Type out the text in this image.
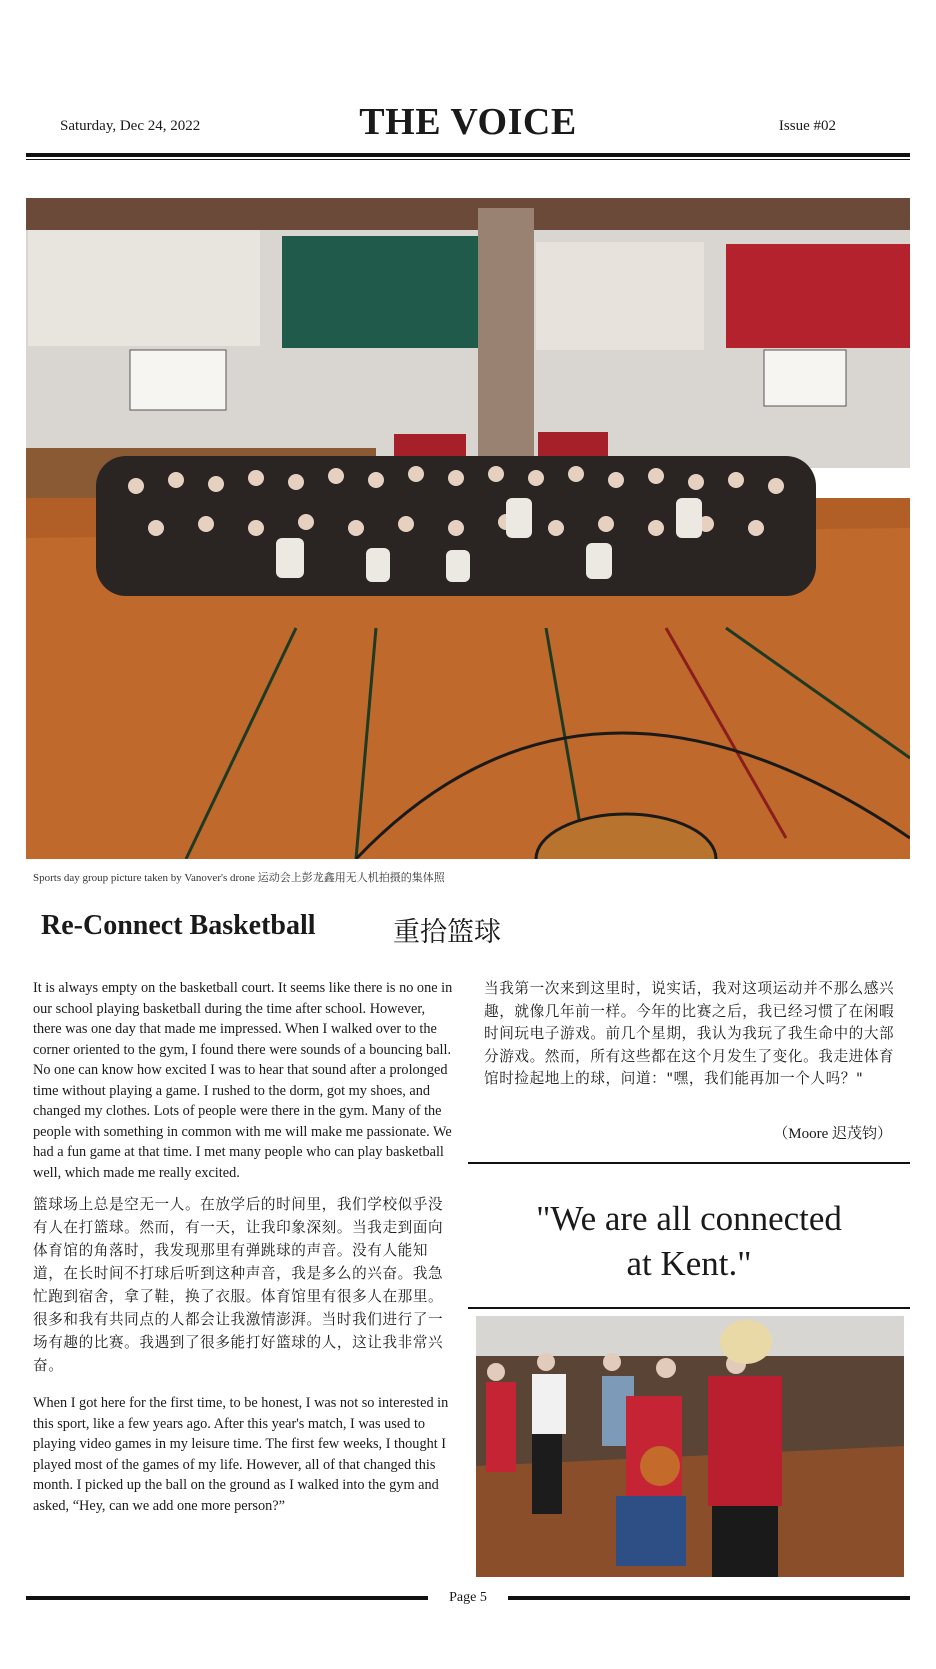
Saturday, Dec 24, 2022	THE VOICE	Issue #02
Sports day group picture taken by Vanover's drone 运动会上彭龙鑫用无人机拍摄的集体照
Re-Connect Basketball	重拾篮球

It is always empty on the basketball court. It seems like there is no one in our school playing basketball during the time after school. However, there was one day that made me impressed. When I walked over to the corner oriented to the gym, I found there were sounds of a bouncing ball. No one can know how excited I was to hear that sound after a prolonged time without playing a game. I rushed to the dorm, got my shoes, and changed my clothes. Lots of people were there in the gym. Many of the people with something in common with me will make me passionate. We had a fun game at that time. I met many people who can play basketball well, which made me really excited.

篮球场上总是空无一人。在放学后的时间里，我们学校似乎没有人在打篮球。然而，有一天，让我印象深刻。当我走到面向体育馆的角落时，我发现那里有弹跳球的声音。没有人能知道，在长时间不打球后听到这种声音，我是多么的兴奋。我急忙跑到宿舍，拿了鞋，换了衣服。体育馆里有很多人在那里。很多和我有共同点的人都会让我激情澎湃。当时我们进行了一场有趣的比赛。我遇到了很多能打好篮球的人，这让我非常兴奋。

When I got here for the first time, to be honest, I was not so interested in this sport, like a few years ago. After this year's match, I was used to playing video games in my leisure time. The first few weeks, I thought I played most of the games of my life. However, all of that changed this month. I picked up the ball on the ground as I walked into the gym and asked, “Hey, can we add one more person?”

当我第一次来到这里时，说实话，我对这项运动并不那么感兴趣，就像几年前一样。今年的比赛之后，我已经习惯了在闲暇时间玩电子游戏。前几个星期，我认为我玩了我生命中的大部分游戏。然而，所有这些都在这个月发生了变化。我走进体育馆时捡起地上的球，问道："嘿，我们能再加一个人吗？"
（Moore 迟茂钧）
"We are all connected
at Kent."
Page 5
